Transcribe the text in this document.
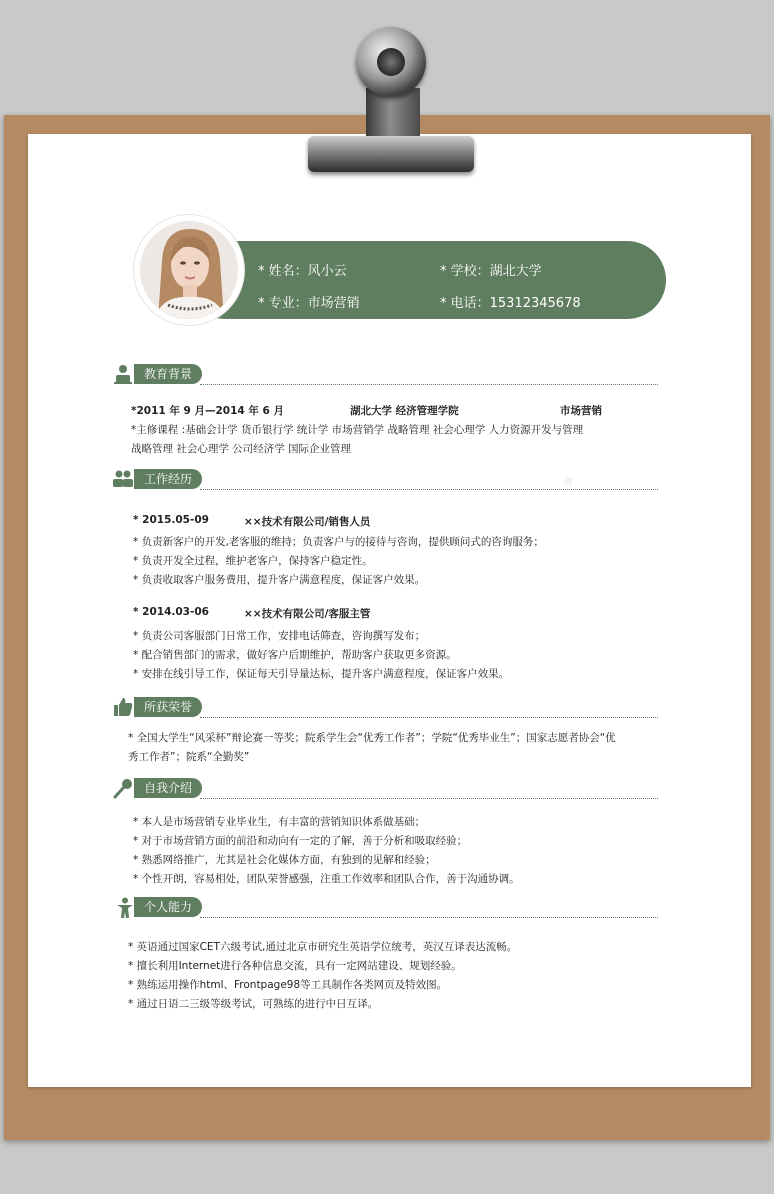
* 姓名：风小云	* 学校：湖北大学
* 专业：市场营销	* 电话：15312345678
✦
教育背景
*2011 年 9 月—2014 年 6 月	湖北大学 经济管理学院	市场营销
*主修课程 :基础会计学 货币银行学 统计学 市场营销学 战略管理 社会心理学 人力资源开发与管理
战略管理 社会心理学 公司经济学 国际企业管理
工作经历
* 2015.05-09	××技术有限公司/销售人员
* 负责新客户的开发,老客服的维持；负责客户与的接待与咨询，提供顾问式的咨询服务；
* 负责开发全过程，维护老客户，保持客户稳定性。
* 负责收取客户服务费用，提升客户满意程度，保证客户效果。
* 2014.03-06	××技术有限公司/客服主管
* 负责公司客服部门日常工作，安排电话筛查，咨询撰写发布；
* 配合销售部门的需求，做好客户后期维护，帮助客户获取更多资源。
* 安排在线引导工作，保证每天引导量达标，提升客户满意程度，保证客户效果。
所获荣誉
* 全国大学生“风采杯”辩论赛一等奖；院系学生会“优秀工作者”；学院“优秀毕业生”；国家志愿者协会“优
秀工作者”；院系“全勤奖”
自我介绍
* 本人是市场营销专业毕业生，有丰富的营销知识体系做基础；
* 对于市场营销方面的前沿和动向有一定的了解，善于分析和吸取经验；
* 熟悉网络推广，尤其是社会化媒体方面，有独到的见解和经验；
* 个性开朗，容易相处，团队荣誉感强，注重工作效率和团队合作，善于沟通协调。
个人能力
* 英语通过国家CET六级考试,通过北京市研究生英语学位统考，英汉互译表达流畅。
* 擅长利用Internet进行各种信息交流，具有一定网站建设、规划经验。
* 熟练运用操作html、Frontpage98等工具制作各类网页及特效图。
* 通过日语二三级等级考试，可熟练的进行中日互译。
